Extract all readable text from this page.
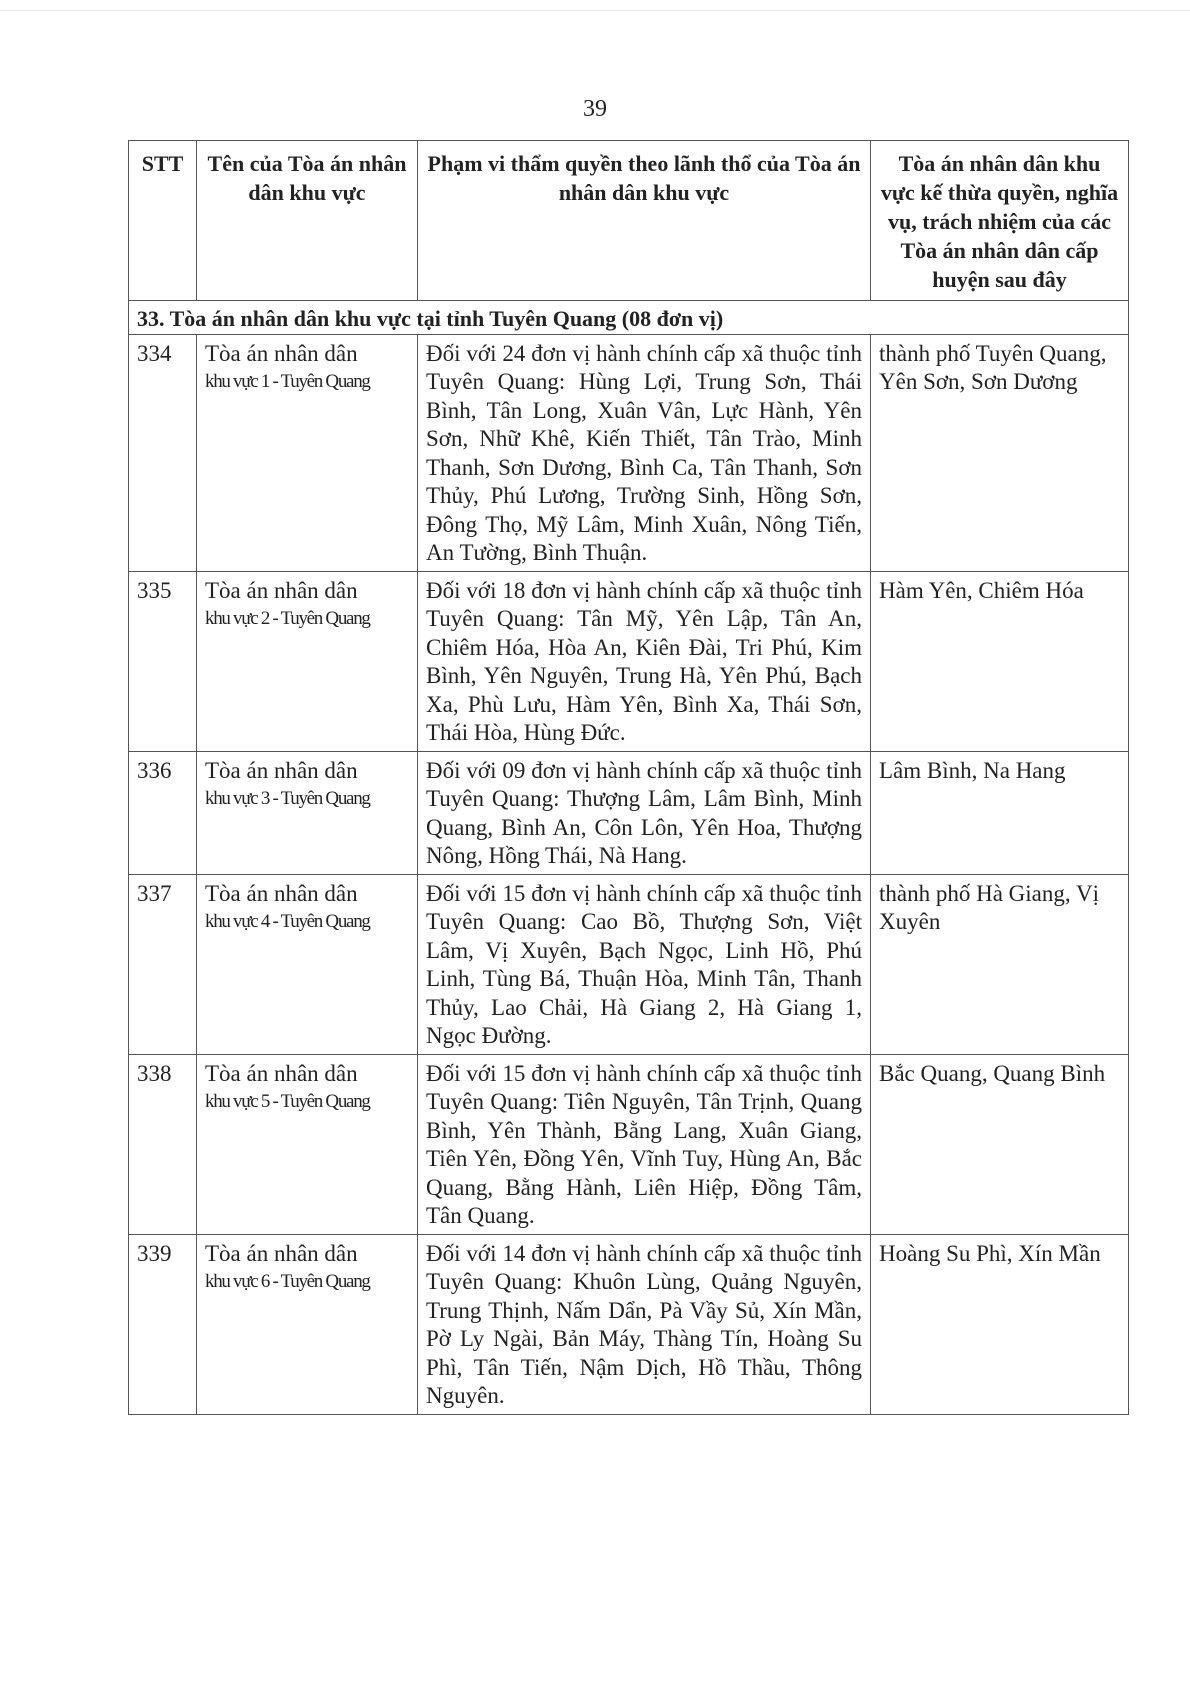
39
STT	Tên của Tòa án nhân dân khu vực	Phạm vi thẩm quyền theo lãnh thổ của Tòa án nhân dân khu vực	Tòa án nhân dân khu vực kế thừa quyền, nghĩa vụ, trách nhiệm của các Tòa án nhân dân cấp huyện sau đây
33. Tòa án nhân dân khu vực tại tỉnh Tuyên Quang (08 đơn vị)			
334	Tòa án nhân dân
khu vực 1 - Tuyên Quang	Đối với 24 đơn vị hành chính cấp xã thuộc tỉnh Tuyên Quang: Hùng Lợi, Trung Sơn, Thái Bình, Tân Long, Xuân Vân, Lực Hành, Yên Sơn, Nhữ Khê, Kiến Thiết, Tân Trào, Minh Thanh, Sơn Dương, Bình Ca, Tân Thanh, Sơn Thủy, Phú Lương, Trường Sinh, Hồng Sơn, Đông Thọ, Mỹ Lâm, Minh Xuân, Nông Tiến, An Tường, Bình Thuận.	thành phố Tuyên Quang, Yên Sơn, Sơn Dương
335	Tòa án nhân dân
khu vực 2 - Tuyên Quang	Đối với 18 đơn vị hành chính cấp xã thuộc tỉnh Tuyên Quang: Tân Mỹ, Yên Lập, Tân An, Chiêm Hóa, Hòa An, Kiên Đài, Tri Phú, Kim Bình, Yên Nguyên, Trung Hà, Yên Phú, Bạch Xa, Phù Lưu, Hàm Yên, Bình Xa, Thái Sơn, Thái Hòa, Hùng Đức.	Hàm Yên, Chiêm Hóa
336	Tòa án nhân dân
khu vực 3 - Tuyên Quang	Đối với 09 đơn vị hành chính cấp xã thuộc tỉnh Tuyên Quang: Thượng Lâm, Lâm Bình, Minh Quang, Bình An, Côn Lôn, Yên Hoa, Thượng Nông, Hồng Thái, Nà Hang.	Lâm Bình, Na Hang
337	Tòa án nhân dân
khu vực 4 - Tuyên Quang	Đối với 15 đơn vị hành chính cấp xã thuộc tỉnh Tuyên Quang: Cao Bồ, Thượng Sơn, Việt Lâm, Vị Xuyên, Bạch Ngọc, Linh Hồ, Phú Linh, Tùng Bá, Thuận Hòa, Minh Tân, Thanh Thủy, Lao Chải, Hà Giang 2, Hà Giang 1, Ngọc Đường.	thành phố Hà Giang, Vị Xuyên
338	Tòa án nhân dân
khu vực 5 - Tuyên Quang	Đối với 15 đơn vị hành chính cấp xã thuộc tỉnh Tuyên Quang: Tiên Nguyên, Tân Trịnh, Quang Bình, Yên Thành, Bằng Lang, Xuân Giang, Tiên Yên, Đồng Yên, Vĩnh Tuy, Hùng An, Bắc Quang, Bằng Hành, Liên Hiệp, Đồng Tâm, Tân Quang.	Bắc Quang, Quang Bình
339	Tòa án nhân dân
khu vực 6 - Tuyên Quang	Đối với 14 đơn vị hành chính cấp xã thuộc tỉnh Tuyên Quang: Khuôn Lùng, Quảng Nguyên, Trung Thịnh, Nấm Dẩn, Pà Vầy Sủ, Xín Mần, Pờ Ly Ngài, Bản Máy, Thàng Tín, Hoàng Su Phì, Tân Tiến, Nậm Dịch, Hồ Thầu, Thông Nguyên.	Hoàng Su Phì, Xín Mần
